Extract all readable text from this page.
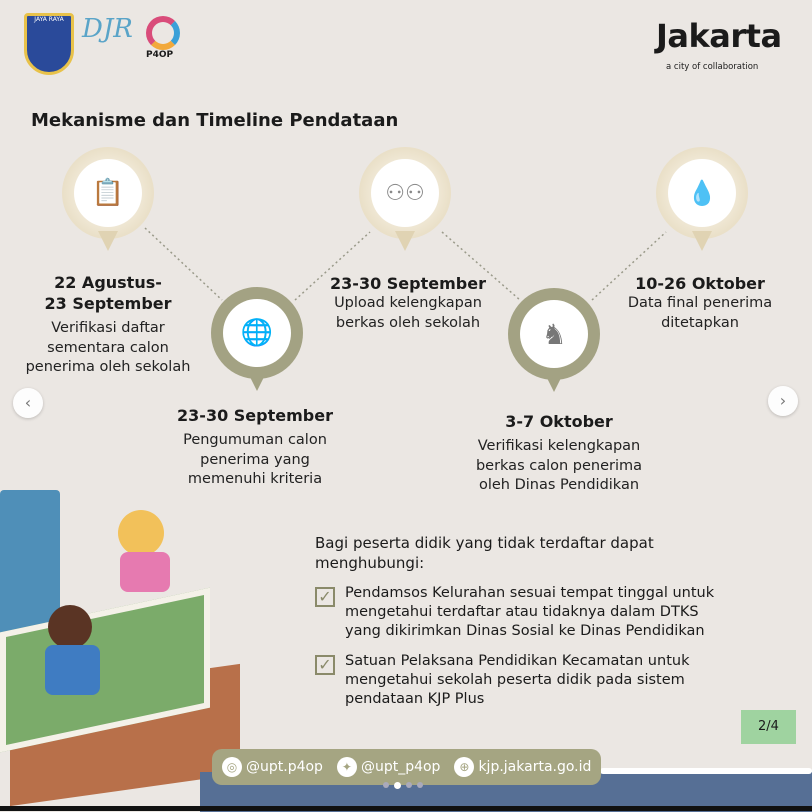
JAYA RAYA DJR
P4OP	Jakarta
a city of collaboration
Mekanisme dan Timeline Pendataan
📋
🌐
⚇⚇
♞
💧
22 Agustus-
23 September
Verifikasi daftar
sementara calon
penerima oleh sekolah
23-30 September
Pengumuman calon
penerima yang
memenuhi kriteria
23-30 September
Upload kelengkapan
berkas oleh sekolah
3-7 Oktober
Verifikasi kelengkapan
berkas calon penerima
oleh Dinas Pendidikan
10-26 Oktober
Data final penerima
ditetapkan
‹	›
Bagi peserta didik yang tidak terdaftar dapat
menghubungi:
✓ Pendamsos Kelurahan sesuai tempat tinggal untuk
mengetahui terdaftar atau tidaknya dalam DTKS
yang dikirimkan Dinas Sosial ke Dinas Pendidikan
✓ Satuan Pelaksana Pendidikan Kecamatan untuk
mengetahui sekolah peserta didik pada sistem
pendataan KJP Plus
2/4
◎ @upt.p4op	✦ @upt_p4op	⊕ kjp.jakarta.go.id
